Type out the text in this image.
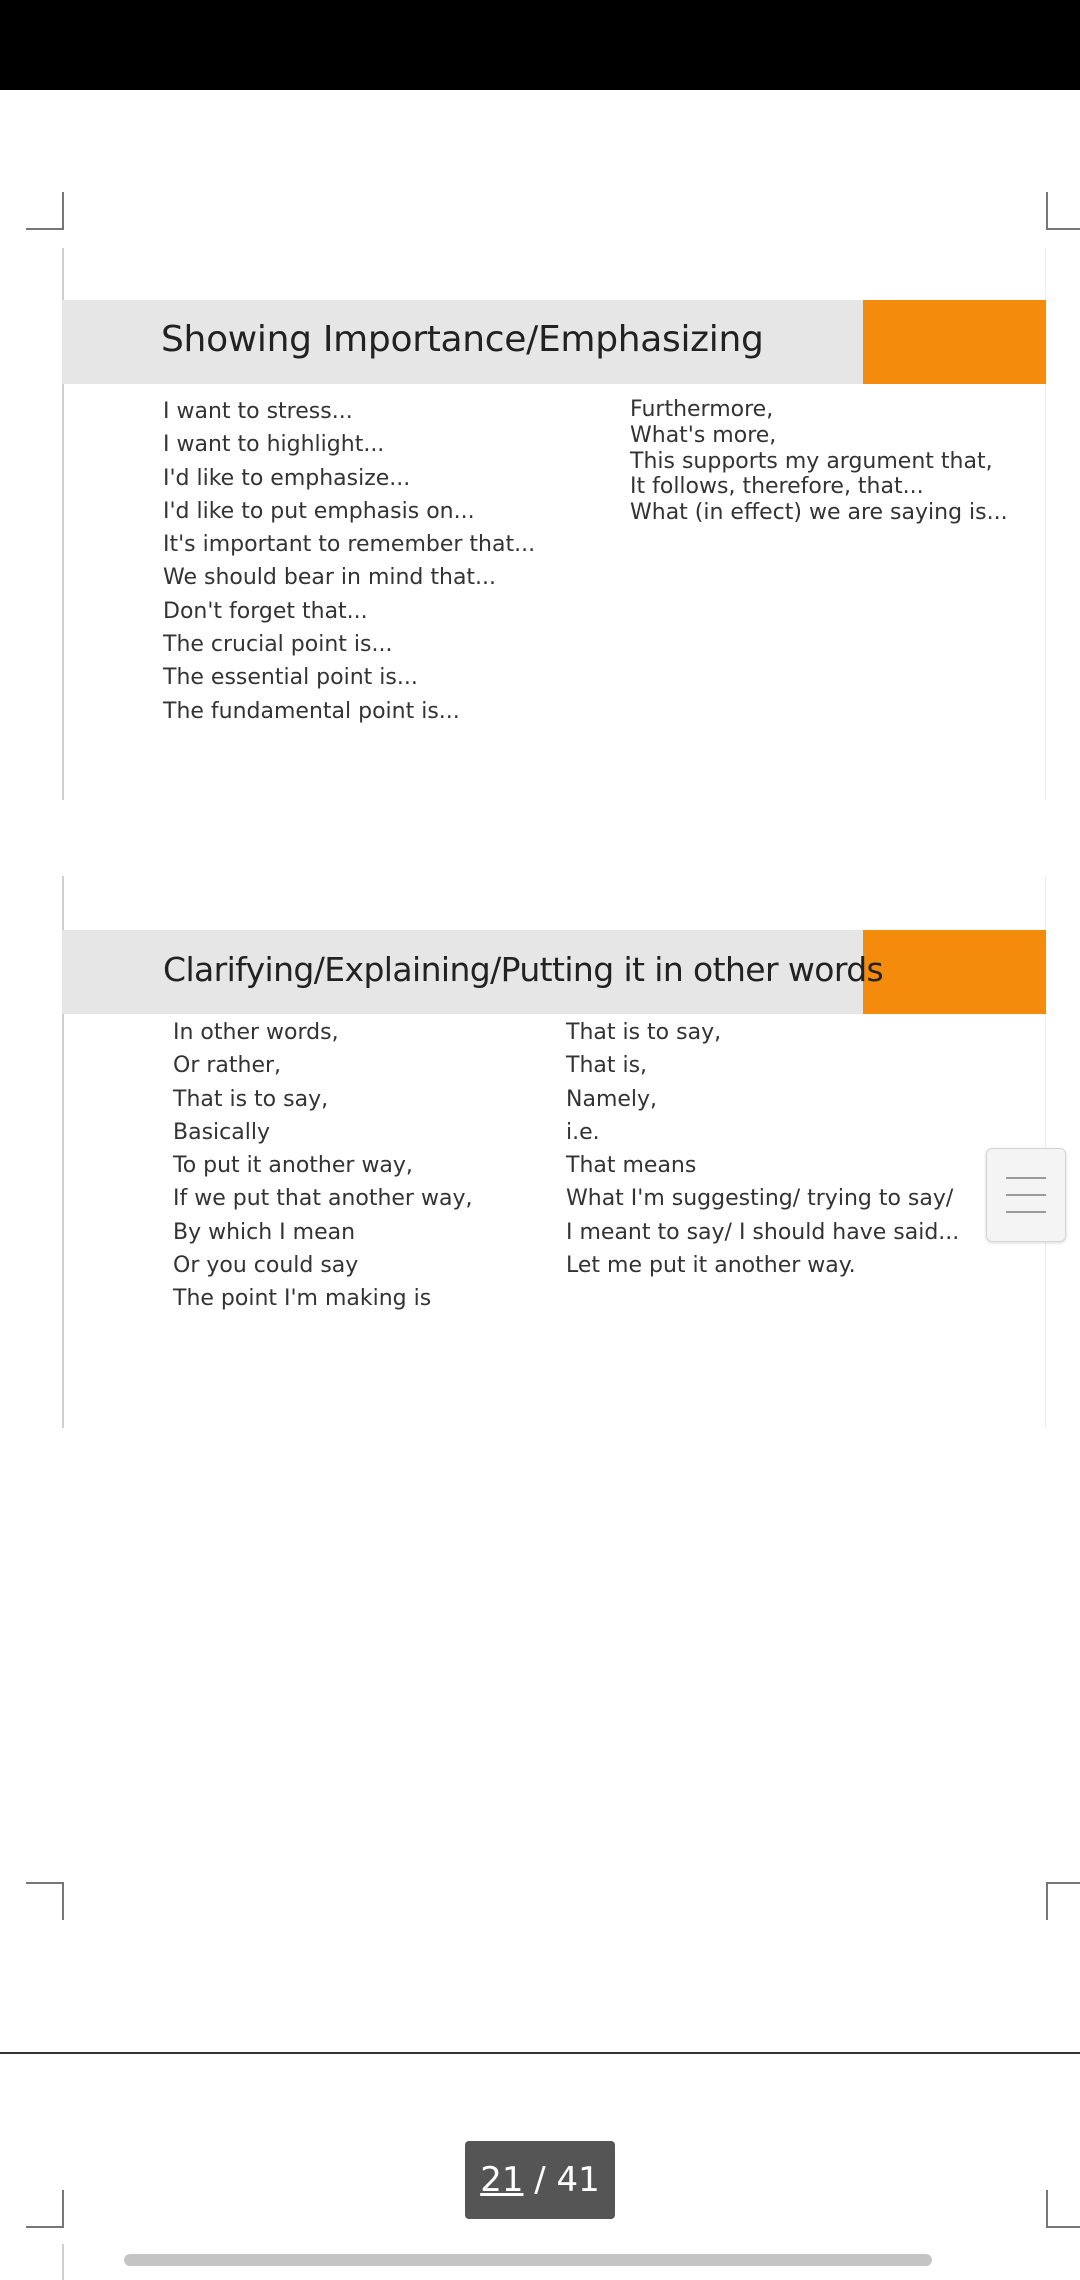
Showing Importance/Emphasizing
I want to stress...
I want to highlight...
I'd like to emphasize...
I'd like to put emphasis on...
It's important to remember that...
We should bear in mind that...
Don't forget that...
The crucial point is...
The essential point is...
The fundamental point is...
Furthermore,
What's more,
This supports my argument that,
It follows, therefore, that...
What (in effect) we are saying is...
Clarifying/Explaining/Putting it in other words
In other words,
Or rather,
That is to say,
Basically
To put it another way,
If we put that another way,
By which I mean
Or you could say
The point I'm making is
That is to say,
That is,
Namely,
i.e.
That means
What I'm suggesting/ trying to say/
I meant to say/ I should have said...
Let me put it another way.
21 / 41
